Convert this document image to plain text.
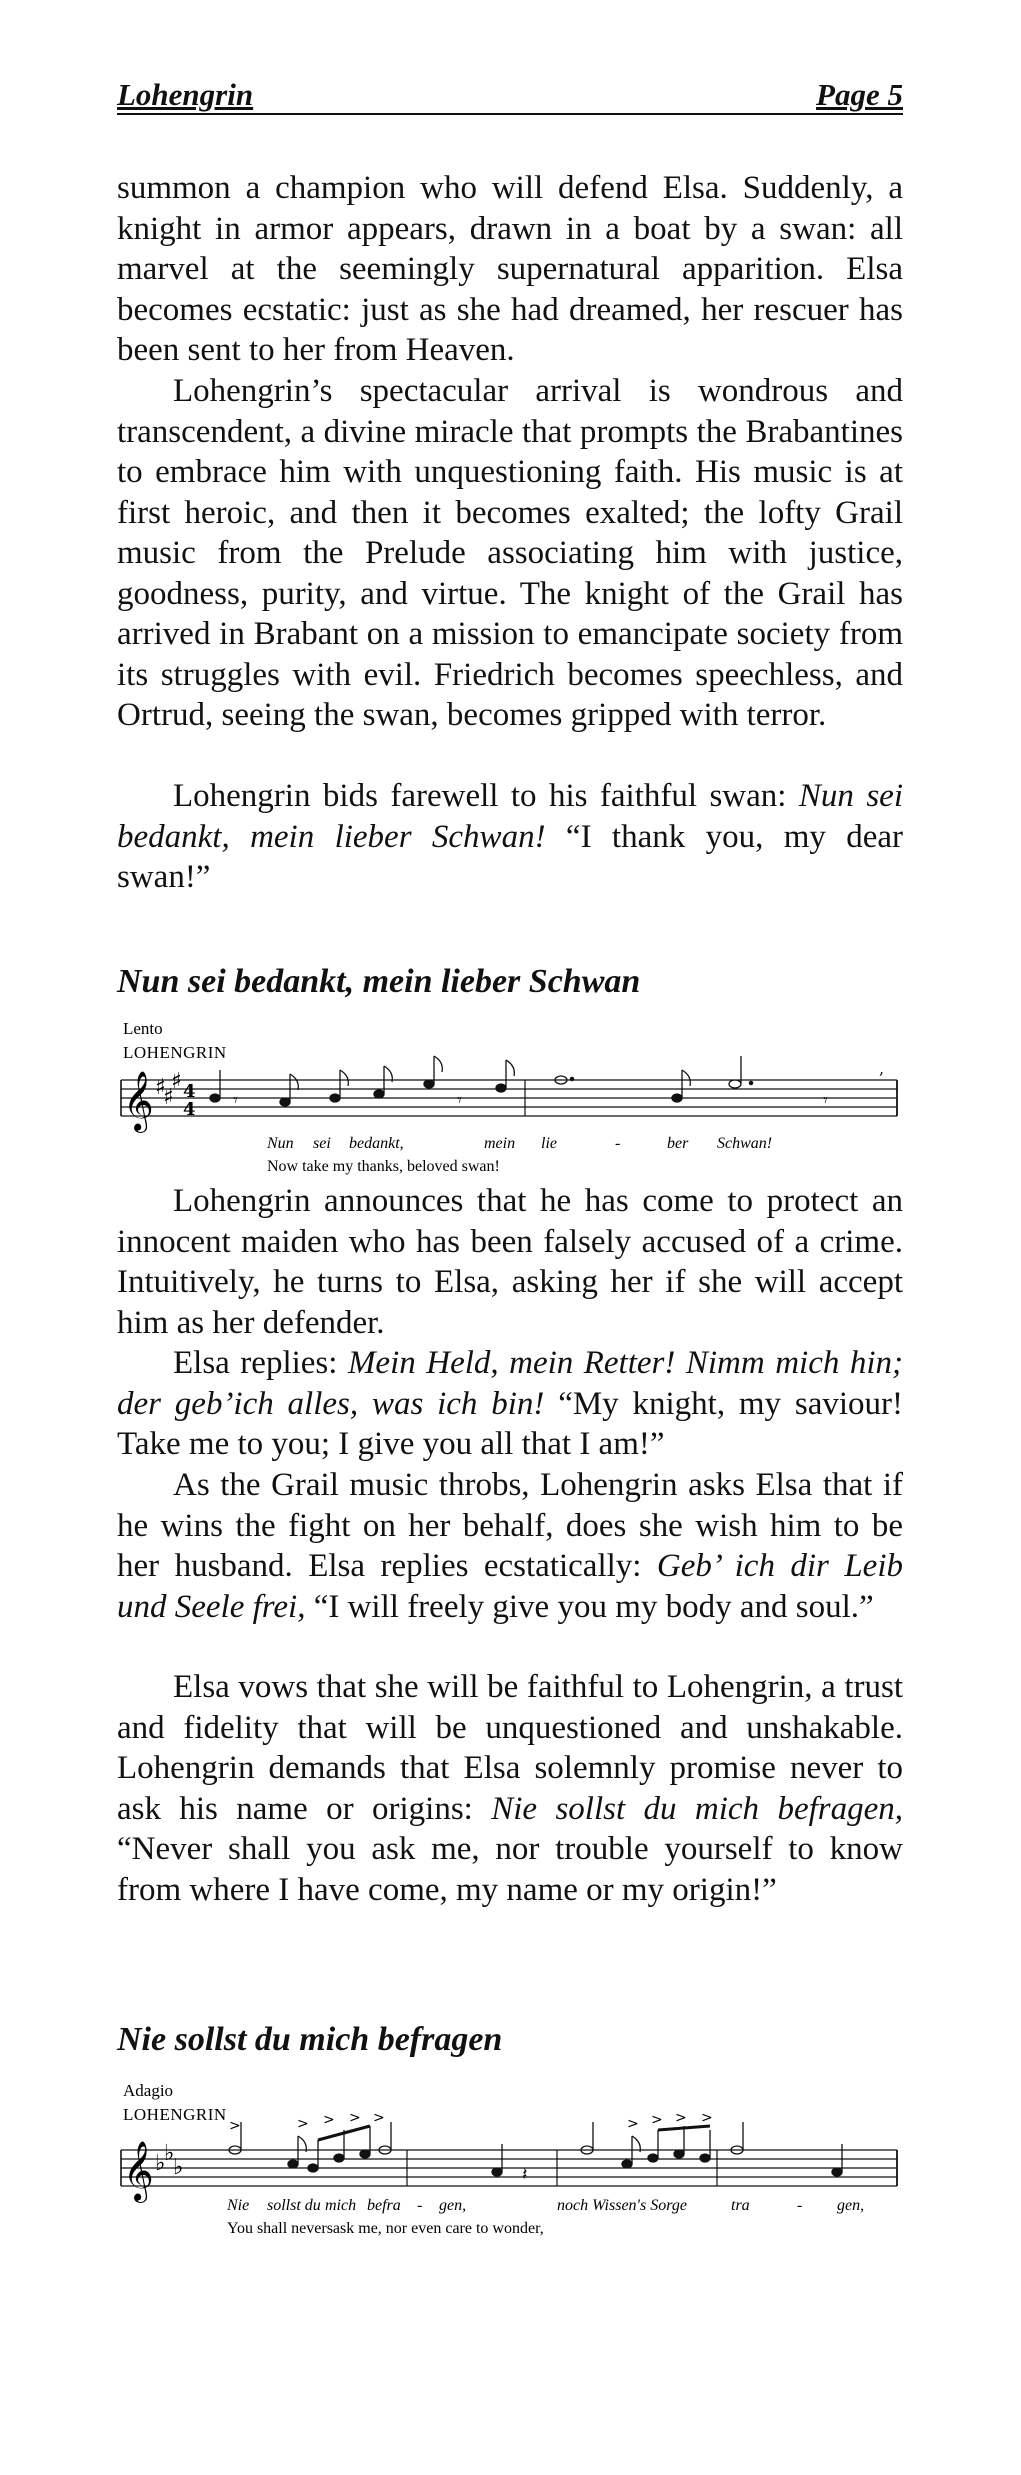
Lohengrin	Page 5

summon a champion who will defend Elsa. Suddenly, a knight in armor appears, drawn in a boat by a swan: all marvel at the seemingly supernatural apparition. Elsa becomes ecstatic: just as she had dreamed, her rescuer has been sent to her from Heaven.

Lohengrin’s spectacular arrival is wondrous and transcendent, a divine miracle that prompts the Brabantines to embrace him with unquestioning faith. His music is at first heroic, and then it becomes exalted; the lofty Grail music from the Prelude associating him with justice, goodness, purity, and virtue. The knight of the Grail has arrived in Brabant on a mission to emancipate society from its struggles with evil. Friedrich becomes speechless, and Ortrud, seeing the swan, becomes gripped with terror.

Lohengrin bids farewell to his faithful swan: Nun sei bedankt, mein lieber Schwan! “I thank you, my dear swan!”

Nun sei bedankt, mein lieber Schwan
Lento
LOHENGRIN
𝄞 ♯
♯
♯ 4
4 𝄾	𝄾	𝄾
,
Nun sei bedankt,	mein lie	-	ber Schwan!
Now take my thanks, beloved swan!

Lohengrin announces that he has come to protect an innocent maiden who has been falsely accused of a crime. Intuitively, he turns to Elsa, asking her if she will accept him as her defender.

Elsa replies: Mein Held, mein Retter! Nimm mich hin; der geb’ich alles, was ich bin! “My knight, my saviour! Take me to you; I give you all that I am!”

As the Grail music throbs, Lohengrin asks Elsa that if he wins the fight on her behalf, does she wish him to be her husband. Elsa replies ecstatically: Geb’ ich dir Leib und Seele frei, “I will freely give you my body and soul.”

Elsa vows that she will be faithful to Lohengrin, a trust and fidelity that will be unquestioned and unshakable. Lohengrin demands that Elsa solemnly promise never to ask his name or origins: Nie sollst du mich befragen, “Never shall you ask me, nor trouble yourself to know from where I have come, my name or my origin!”

Nie sollst du mich befragen
Adagio
LOHENGRIN
𝄞 ♭
♭
♭
>	> > > >	> > > >
𝄽
Nie sollst du mich befra - gen,	noch Wissen's Sorge	tra	- gen,
You shall neversask me, nor even care to wonder,
